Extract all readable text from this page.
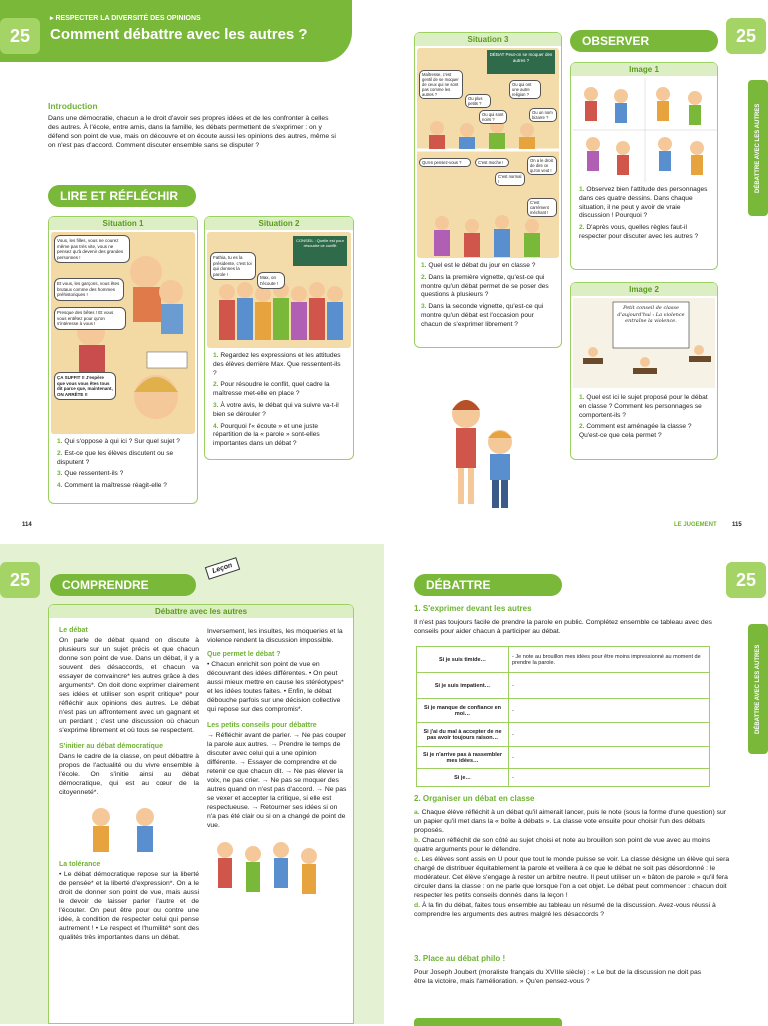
25
▸ RESPECTER LA DIVERSITÉ DES OPINIONS
Comment débattre avec les autres ?
Introduction
Dans une démocratie, chacun a le droit d'avoir ses propres idées et de les confronter à celles des autres. À l'école, entre amis, dans la famille, les débats permettent de s'exprimer : on y défend son point de vue, mais on découvre et on écoute aussi les opinions des autres, même si on n'est pas d'accord. Comment discuter ensemble sans se disputer ?
LIRE ET RÉFLÉCHIR
Situation 1
Vous, les filles, vous ne courez même pas très vite, vous ne pensez qu'à devenir des grandes personnes !
Et vous, les garçons, vous êtes brutaux comme des hommes préhistoriques !
Presque des bêtes ! Et vous vous entêtez pour qu'on s'intéresse à vous !
ÇA SUFFIT !! J'espère que vous vous êtes tous dit parce que, maintenant, ON ARRÊTE !!
1. Qui s'oppose à qui ici ? Sur quel sujet ?
2. Est-ce que les élèves discutent ou se disputent ?
3. Que ressentent-ils ?
4. Comment la maîtresse réagit-elle ?
Situation 2
Fathia, tu es la présidente, c'est toi qui donnes la parole !
Max, on t'écoute !
CONSEIL : Quelle est pour résoudre ce conflit
1. Regardez les expressions et les attitudes des élèves derrière Max. Que ressentent-ils ?
2. Pour résoudre le conflit, quel cadre la maîtresse met-elle en place ?
3. À votre avis, le débat qui va suivre va-t-il bien se dérouler ?
4. Pourquoi l'« écoute » et une juste répartition de la « parole » sont-elles importantes dans un débat ?
114
25
DÉBATTRE AVEC LES AUTRES
Situation 3
DÉBAT Peut-on se moquer des autres ?
Maîtresse, c'est gentil de se moquer de ceux qui ne sont pas comme les autres ?
Ou plus petits ?
Ou qui ont une autre religion ?
Ou qui sont noirs ?
Ou un nom bizarre ?
Qu'en pensez-vous ?	C'est moche !
C'est normal !
On a le droit de dire ce qu'on veut !
C'est carrément méchant !
1. Quel est le débat du jour en classe ?
2. Dans la première vignette, qu'est-ce qui montre qu'un débat permet de se poser des questions à plusieurs ?
3. Dans la seconde vignette, qu'est-ce qui montre qu'un débat est l'occasion pour chacun de s'exprimer librement ?
OBSERVER
Image 1
1. Observez bien l'attitude des personnages dans ces quatre dessins. Dans chaque situation, il ne peut y avoir de vraie discussion ! Pourquoi ?
2. D'après vous, quelles règles faut-il respecter pour discuter avec les autres ?
Image 2
Petit conseil de classe d'aujourd'hui : La violence entraîne la violence.
1. Quel est ici le sujet proposé pour le débat en classe ? Comment les personnages se comportent-ils ?
2. Comment est aménagée la classe ? Qu'est-ce que cela permet ?
LE JUGEMENT	115
25	COMPRENDRE
Leçon
Débattre avec les autres
Le débat
On parle de débat quand on discute à plusieurs sur un sujet précis et que chacun donne son point de vue. Dans un débat, il y a souvent des désaccords, et chacun va essayer de convaincre* les autres grâce à des arguments*. On doit donc exprimer clairement ses idées et utiliser son esprit critique* pour réfléchir aux opinions des autres. Le débat n'est pas un affrontement avec un gagnant et un perdant ; c'est une discussion où chacun s'exprime librement et où tous se respectent.
S'initier au débat démocratique
Dans le cadre de la classe, on peut débattre à propos de l'actualité ou du vivre ensemble à l'école. On s'initie ainsi au débat démocratique, qui est au cœur de la citoyenneté*.
La tolérance
• Le débat démocratique repose sur la liberté de pensée* et la liberté d'expression*. On a le droit de donner son point de vue, mais aussi le devoir de laisser parler l'autre et de l'écouter. On peut être pour ou contre une idée, à condition de respecter celui qui pense autrement ! • Le respect et l'humilité* sont des qualités très importantes dans un débat.
Inversement, les insultes, les moqueries et la violence rendent la discussion impossible.
Que permet le débat ?
• Chacun enrichit son point de vue en découvrant des idées différentes. • On peut aussi mieux mettre en cause les stéréotypes* et les idées toutes faites. • Enfin, le débat débouche parfois sur une décision collective qui repose sur des compromis*.
Les petits conseils pour débattre
→ Réfléchir avant de parler. → Ne pas couper la parole aux autres. → Prendre le temps de discuter avec celui qui a une opinion différente. → Essayer de comprendre et de retenir ce que chacun dit. → Ne pas élever la voix, ne pas crier. → Ne pas se moquer des autres quand on n'est pas d'accord. → Ne pas se vexer et accepter la critique, si elle est respectueuse. → Retourner ses idées si on n'a pas été clair ou si on a changé de point de vue.
25
DÉBATTRE AVEC LES AUTRES
DÉBATTRE
1. S'exprimer devant les autres
Il n'est pas toujours facile de prendre la parole en public. Complétez ensemble ce tableau avec des conseils pour aider chacun à participer au débat.
Si je suis timide…	- Je note au brouillon mes idées pour être moins impressionné au moment de prendre la parole.
Si je suis impatient…	-
Si je manque de confiance en moi…	-
Si j'ai du mal à accepter de ne pas avoir toujours raison…	-
Si je n'arrive pas à rassembler mes idées…	-
Si je…	-
2. Organiser un débat en classe
a. Chaque élève réfléchit à un débat qu'il aimerait lancer, puis le note (sous la forme d'une question) sur un papier qu'il met dans la « boîte à débats ». La classe vote ensuite pour choisir l'un des débats proposés.
b. Chacun réfléchit de son côté au sujet choisi et note au brouillon son point de vue avec au moins quatre arguments pour le défendre.
c. Les élèves sont assis en U pour que tout le monde puisse se voir. La classe désigne un élève qui sera chargé de distribuer équitablement la parole et veillera à ce que le débat ne soit pas désordonné : le modérateur. Cet élève s'engage à rester un arbitre neutre. Il peut utiliser un « bâton de parole » qu'il fera circuler dans la classe : on ne parle que lorsque l'on a cet objet. Le débat peut commencer : chacun doit respecter les petits conseils donnés dans la leçon !
d. À la fin du débat, faites tous ensemble au tableau un résumé de la discussion. Avez-vous réussi à comprendre les arguments des autres malgré les désaccords ?
3. Place au débat philo !
Pour Joseph Joubert (moraliste français du XVIIIe siècle) : « Le but de la discussion ne doit pas être la victoire, mais l'amélioration. » Qu'en pensez-vous ?
